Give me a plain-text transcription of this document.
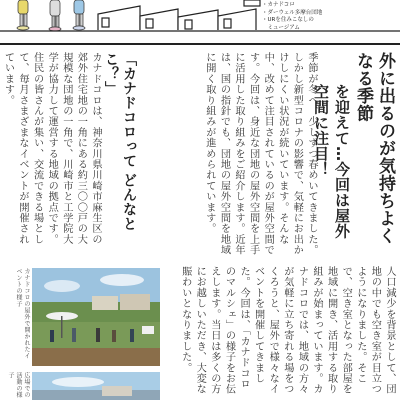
・カナドコロ
・ダーウェル多摩台団地
・URを住みこなしの
　ミュージアム
外に出るのが気持ちよくなる季節
を迎えて…今回は屋外空間に注目！
季節が冬へ、少しずつ春めいてきました。しかし新型コロナの影響で、気軽にお出かけしにくい状況が続いています。そんな中、改めて注目されているのが屋外空間です。今回は、身近な団地の屋外空間を上手に活用した取り組みをご紹介します。近年は、国の指針でも、団地の屋外空間を地域に開く取り組みが進められています。
「カナドコロって どんなとこ？」
カナドコロは、神奈川県川崎市麻生区の郊外住宅地の一角にある約三〇〇戸の大規模な団地の一角で、川崎市と工学院大学が協力して運営する地域の拠点です。住民の皆さんが集い、交流できる場として、毎月さまざまなイベントが開催されています。
人口減少を背景として、団地の中でも空き室が目立つようになりました。そこで、空き室となった部屋を地域に開き、活用する取り組みが始まっています。カナドコロでは、地域の方々が気軽に立ち寄れる場をつくろうと、屋外で様々なイベントを開催してきました。今回は、「カナドコロのマルシェ」の様子をお伝えします。当日は多くの方にお越しいただき、大変な賑わいとなりました。
カナドコロの屋外で開かれたイベントの様子
広場での活動の様子
